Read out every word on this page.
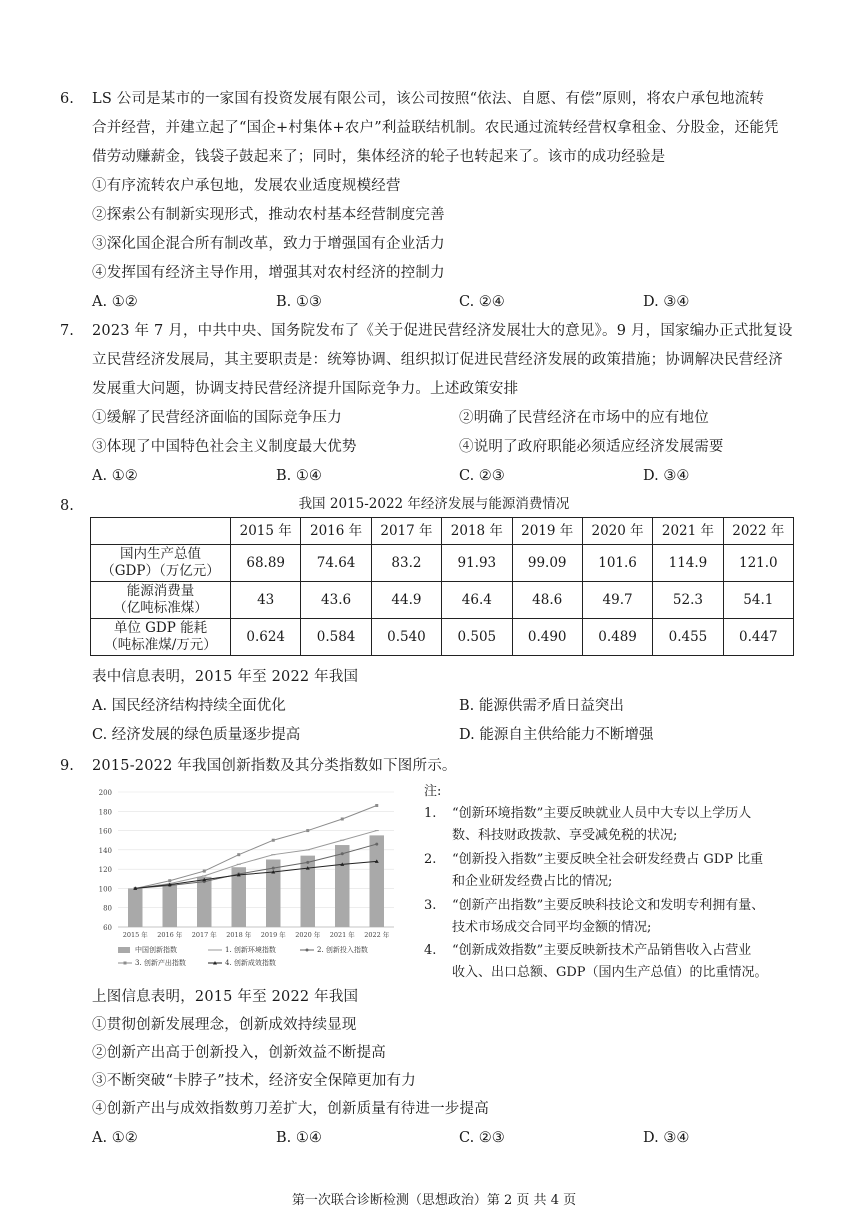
6. LS 公司是某市的一家国有投资发展有限公司，该公司按照“依法、自愿、有偿”原则，将农户承包地流转
合并经营，并建立起了“国企+村集体+农户”利益联结机制。农民通过流转经营权拿租金、分股金，还能凭
借劳动赚薪金，钱袋子鼓起来了；同时，集体经济的轮子也转起来了。该市的成功经验是
①有序流转农户承包地，发展农业适度规模经营
②探索公有制新实现形式，推动农村基本经营制度完善
③深化国企混合所有制改革，致力于增强国有企业活力
④发挥国有经济主导作用，增强其对农村经济的控制力
A. ①②	B. ①③	C. ②④	D. ③④
7. 2023 年 7 月，中共中央、国务院发布了《关于促进民营经济发展壮大的意见》。9 月，国家编办正式批复设
立民营经济发展局，其主要职责是：统筹协调、组织拟订促进民营经济发展的政策措施；协调解决民营经济
发展重大问题，协调支持民营经济提升国际竞争力。上述政策安排
①缓解了民营经济面临的国际竞争压力	②明确了民营经济在市场中的应有地位
③体现了中国特色社会主义制度最大优势	④说明了政府职能必须适应经济发展需要
A. ①②	B. ①④	C. ②③	D. ③④
8.	我国 2015-2022 年经济发展与能源消费情况
	2015 年	2016 年	2017 年	2018 年	2019 年	2020 年	2021 年	2022 年
国内生产总值
（GDP）（万亿元）	68.89	74.64	83.2	91.93	99.09	101.6	114.9	121.0
能源消费量
（亿吨标准煤）	43	43.6	44.9	46.4	48.6	49.7	52.3	54.1
单位 GDP 能耗
（吨标准煤/万元）	0.624	0.584	0.540	0.505	0.490	0.489	0.455	0.447
表中信息表明，2015 年至 2022 年我国
A. 国民经济结构持续全面优化	B. 能源供需矛盾日益突出
C. 经济发展的绿色质量逐步提高	D. 能源自主供给能力不断增强
9. 2015-2022 年我国创新指数及其分类指数如下图所示。
200
180
160
140
120
100
80
60
2015 年 2016 年 2017 年 2018 年 2019 年 2020 年 2021 年 2022 年
中国创新指数	1. 创新环境指数	2. 创新投入指数
3. 创新产出指数	4. 创新成效指数
注:
1. “创新环境指数”主要反映就业人员中大专以上学历人
数、科技财政拨款、享受减免税的状况;
2. “创新投入指数”主要反映全社会研发经费占 GDP 比重
和企业研发经费占比的情况;
3. “创新产出指数”主要反映科技论文和发明专利拥有量、
技术市场成交合同平均金额的情况;
4. “创新成效指数”主要反映新技术产品销售收入占营业
收入、出口总额、GDP（国内生产总值）的比重情况。
上图信息表明，2015 年至 2022 年我国
①贯彻创新发展理念，创新成效持续显现
②创新产出高于创新投入，创新效益不断提高
③不断突破“卡脖子”技术，经济安全保障更加有力
④创新产出与成效指数剪刀差扩大，创新质量有待进一步提高
A. ①②	B. ①④	C. ②③	D. ③④
第一次联合诊断检测（思想政治）第 2 页 共 4 页
